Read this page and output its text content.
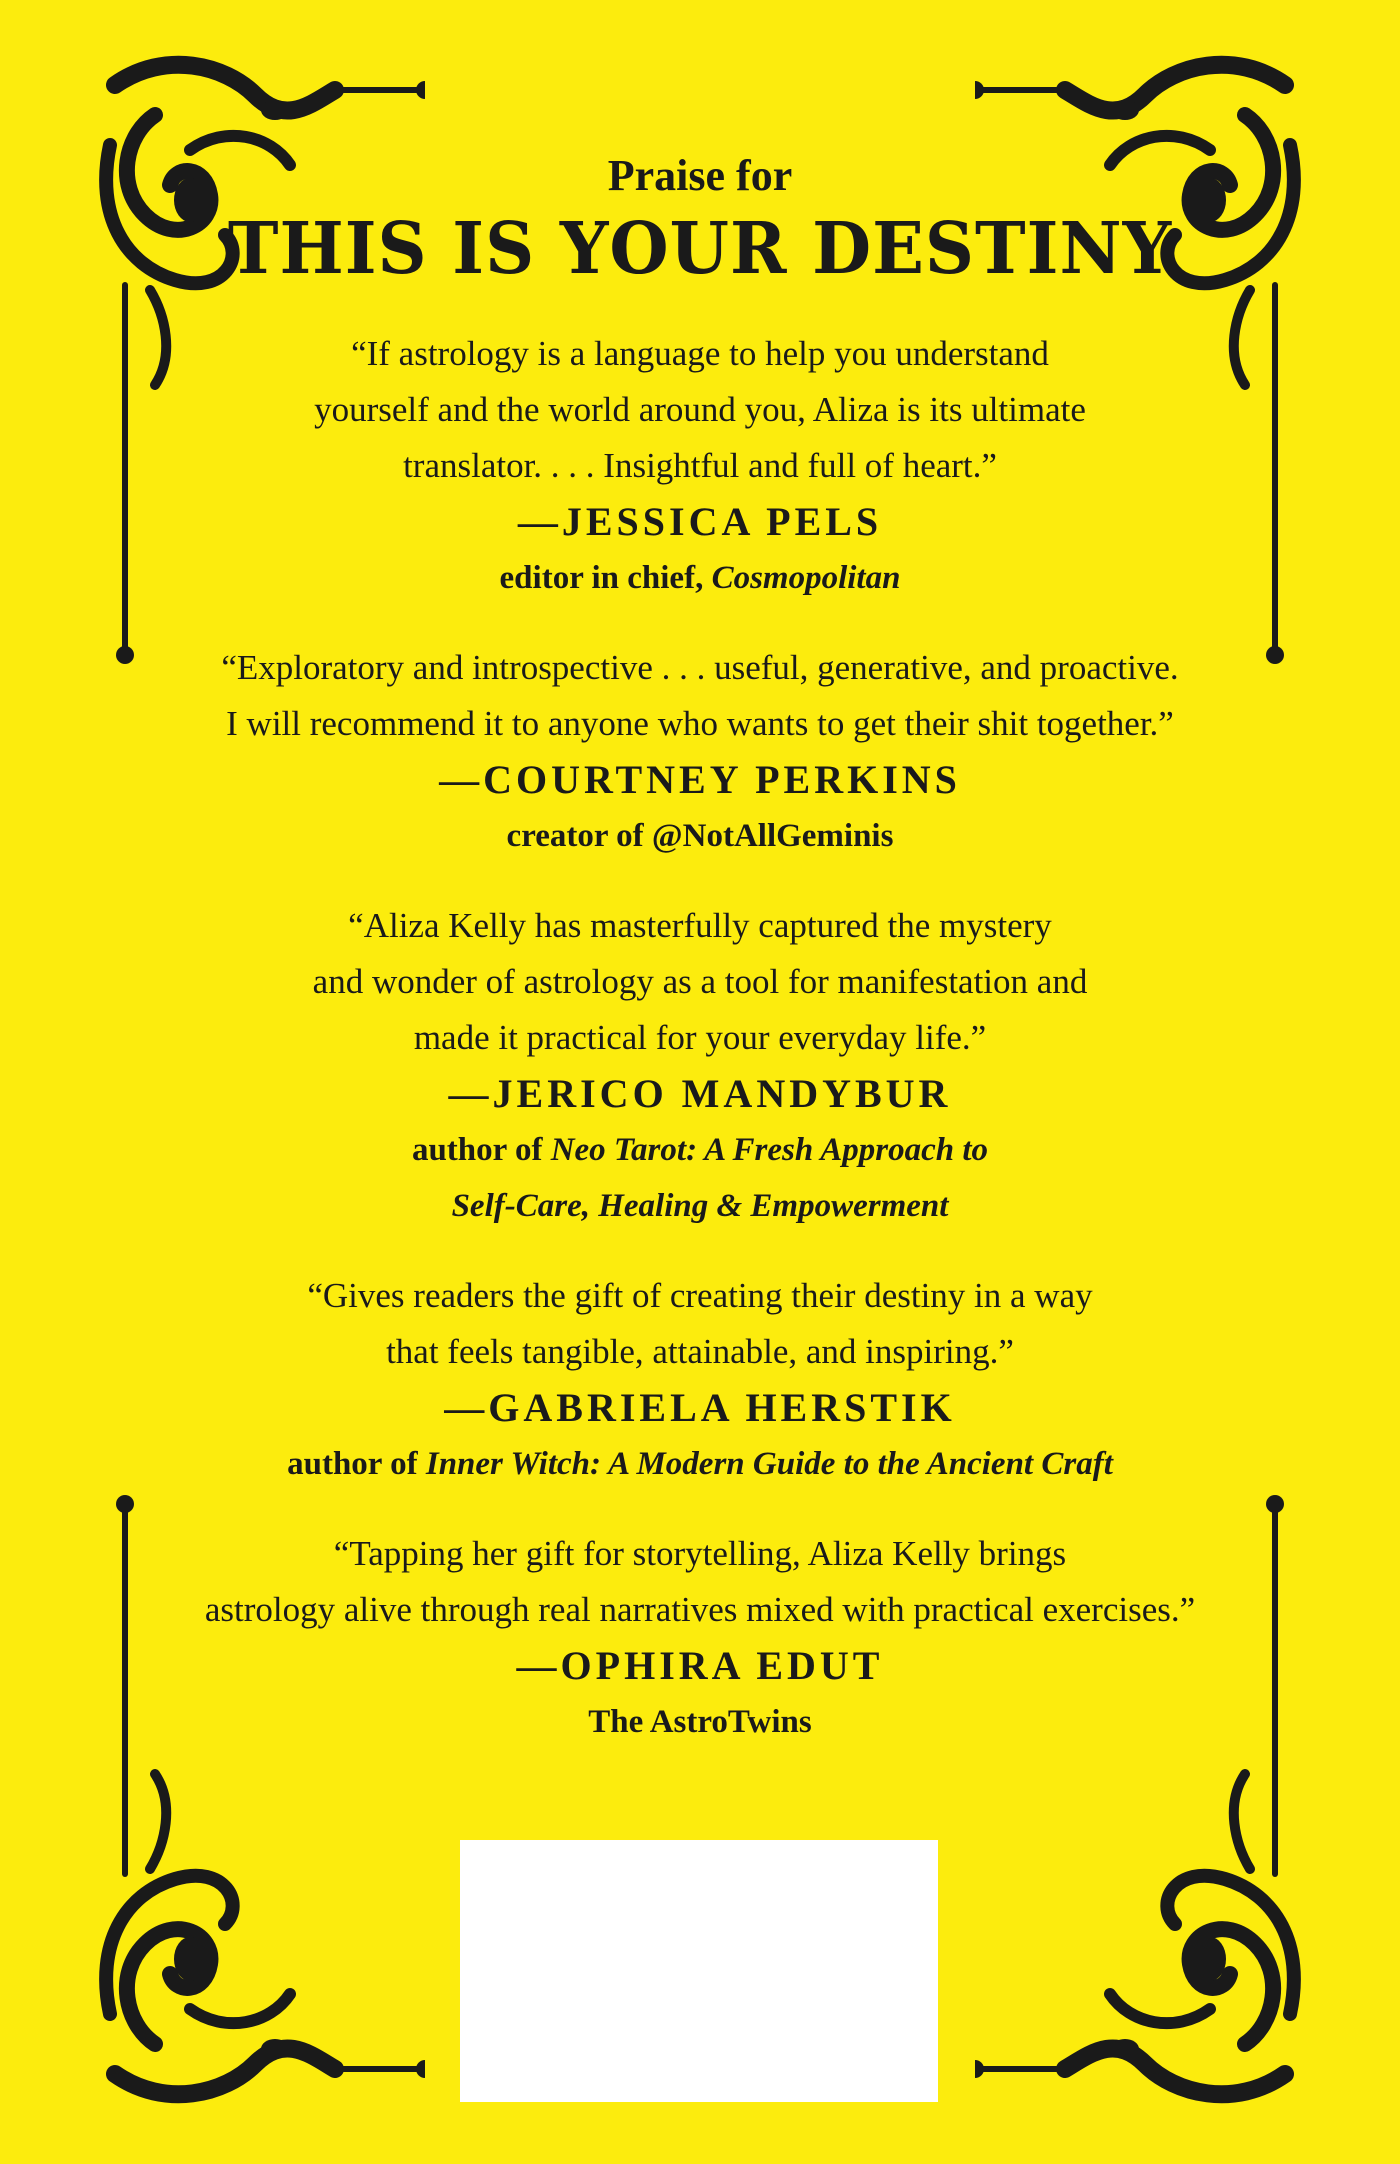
Praise for

THIS IS YOUR DESTINY

“If astrology is a language to help you understand
yourself and the world around you, Aliza is its ultimate
translator. . . . Insightful and full of heart.”

—JESSICA PELS

editor in chief, Cosmopolitan

“Exploratory and introspective . . . useful, generative, and proactive.
I will recommend it to anyone who wants to get their shit together.”

—COURTNEY PERKINS

creator of @NotAllGeminis

“Aliza Kelly has masterfully captured the mystery
and wonder of astrology as a tool for manifestation and
made it practical for your everyday life.”

—JERICO MANDYBUR

author of Neo Tarot: A Fresh Approach to

Self-Care, Healing & Empowerment

“Gives readers the gift of creating their destiny in a way
that feels tangible, attainable, and inspiring.”

—GABRIELA HERSTIK

author of Inner Witch: A Modern Guide to the Ancient Craft

“Tapping her gift for storytelling, Aliza Kelly brings
astrology alive through real narratives mixed with practical exercises.”

—OPHIRA EDUT

The AstroTwins
